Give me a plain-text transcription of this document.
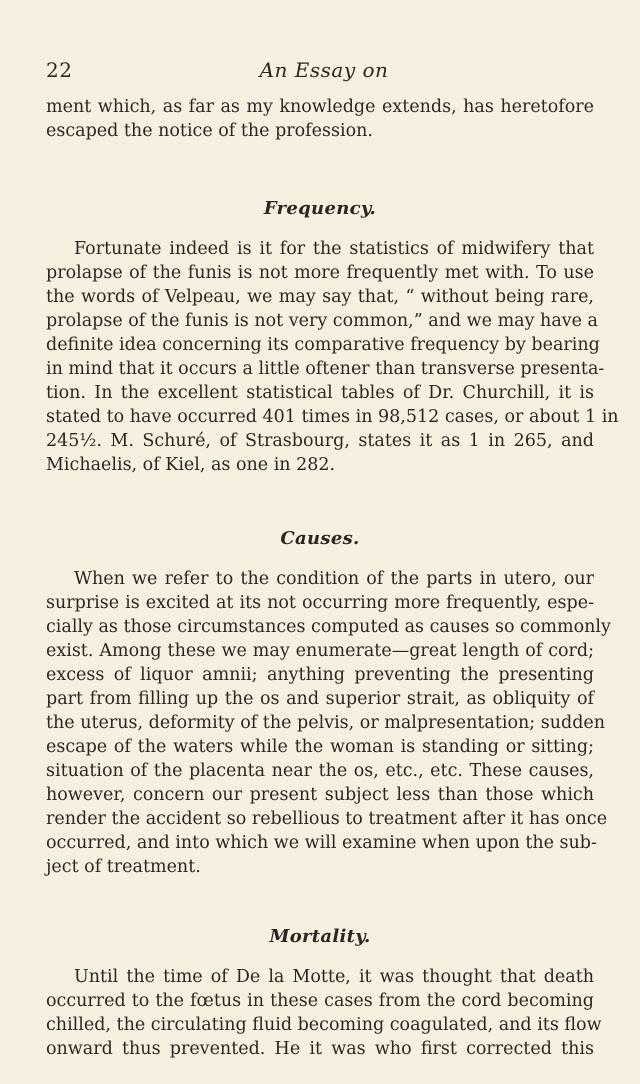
22	An Essay on

ment which, as far as my knowledge extends, has heretofore
escaped the notice of the profession.

Frequency.

Fortunate indeed is it for the statistics of midwifery that
prolapse of the funis is not more frequently met with. To use
the words of Velpeau, we may say that, “ without being rare,
prolapse of the funis is not very common,” and we may have a
definite idea concerning its comparative frequency by bearing
in mind that it occurs a little oftener than transverse presenta-
tion. In the excellent statistical tables of Dr. Churchill, it is
stated to have occurred 401 times in 98,512 cases, or about 1 in
245½. M. Schuré, of Strasbourg, states it as 1 in 265, and
Michaelis, of Kiel, as one in 282.

Causes.

When we refer to the condition of the parts in utero, our
surprise is excited at its not occurring more frequently, espe-
cially as those circumstances computed as causes so commonly
exist. Among these we may enumerate—great length of cord;
excess of liquor amnii; anything preventing the presenting
part from filling up the os and superior strait, as obliquity of
the uterus, deformity of the pelvis, or malpresentation; sudden
escape of the waters while the woman is standing or sitting;
situation of the placenta near the os, etc., etc. These causes,
however, concern our present subject less than those which
render the accident so rebellious to treatment after it has once
occurred, and into which we will examine when upon the sub-
ject of treatment.

Mortality.

Until the time of De la Motte, it was thought that death
occurred to the fœtus in these cases from the cord becoming
chilled, the circulating fluid becoming coagulated, and its flow
onward thus prevented. He it was who first corrected this
